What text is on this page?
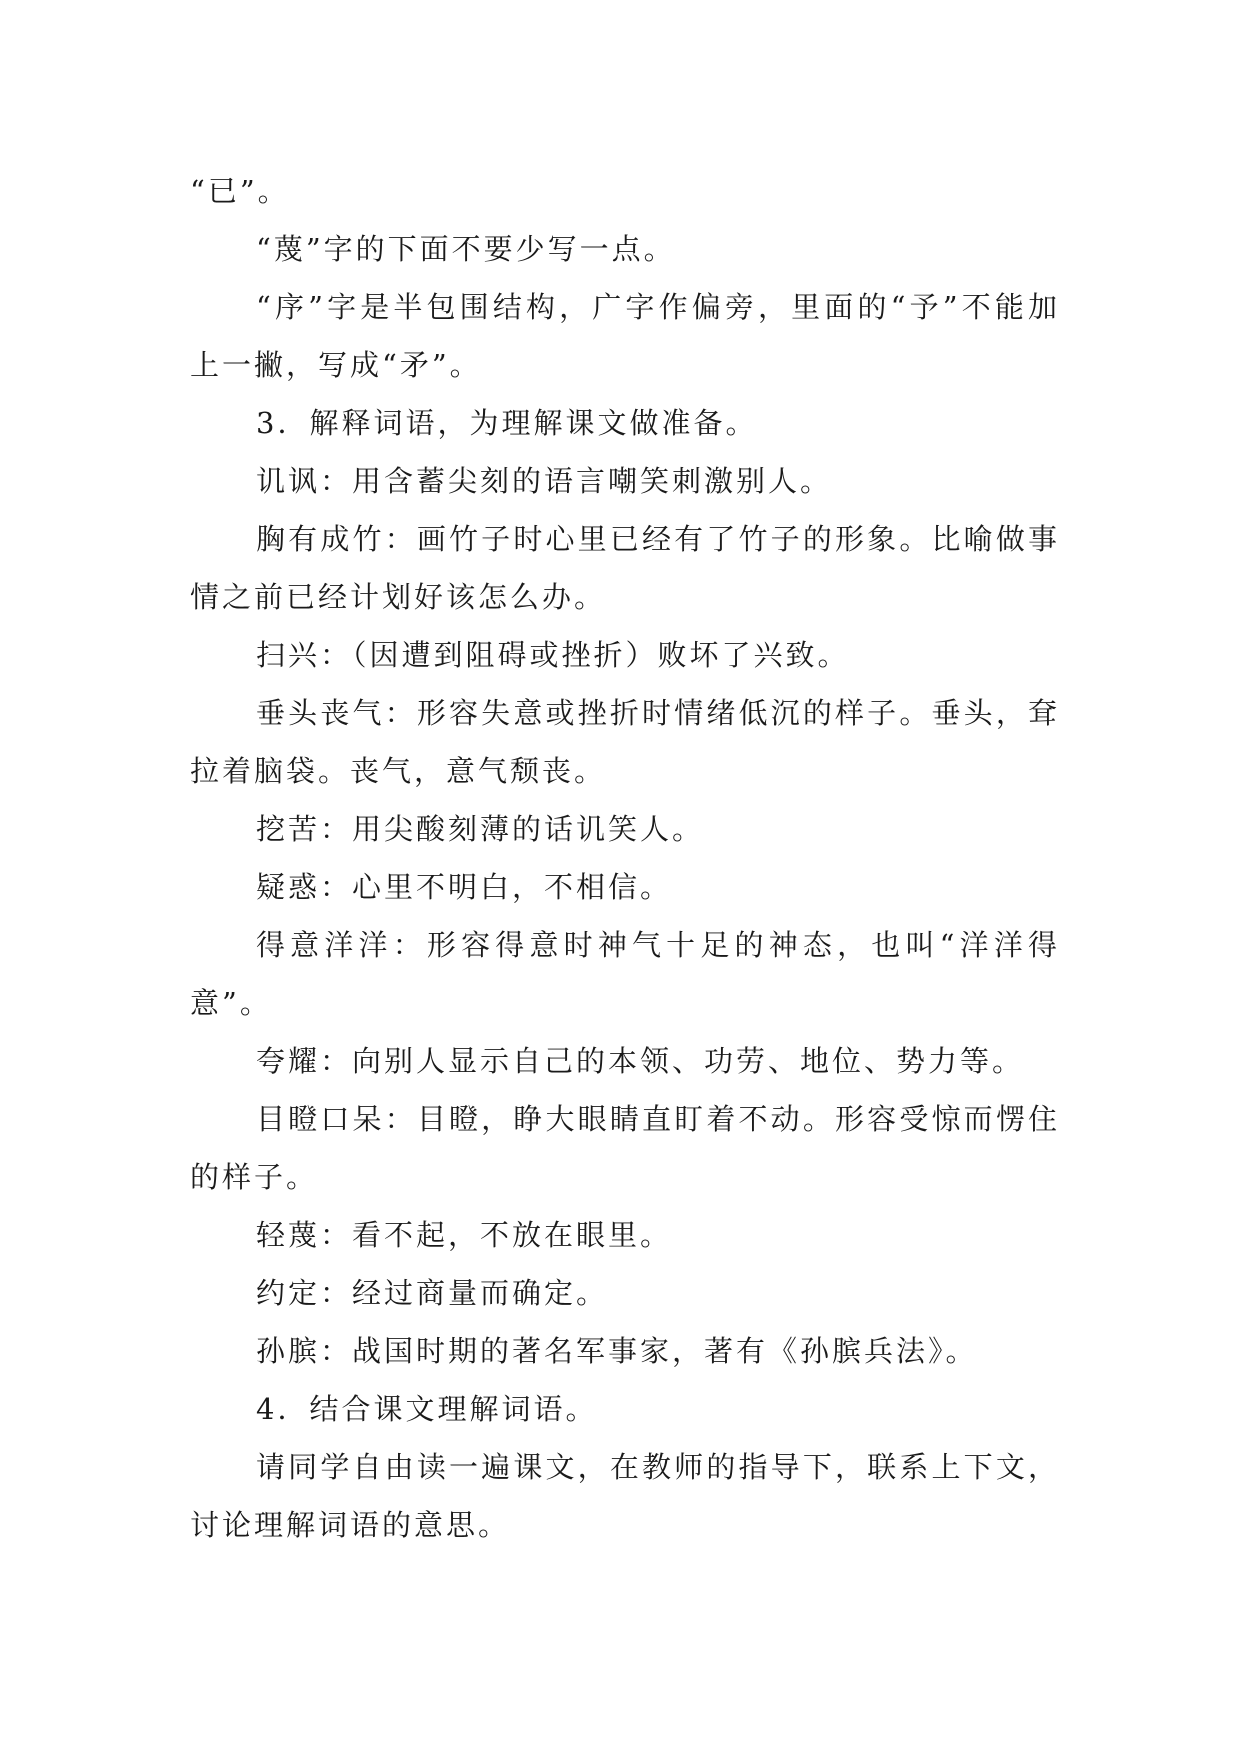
“已”。

“蔑”字的下面不要少写一点。

“序”字是半包围结构，广字作偏旁，里面的“予”不能加上一撇，写成“矛”。

3．解释词语，为理解课文做准备。

讥讽：用含蓄尖刻的语言嘲笑刺激别人。

胸有成竹：画竹子时心里已经有了竹子的形象。比喻做事情之前已经计划好该怎么办。

扫兴：（因遭到阻碍或挫折）败坏了兴致。

垂头丧气：形容失意或挫折时情绪低沉的样子。垂头，耷拉着脑袋。丧气，意气颓丧。

挖苦：用尖酸刻薄的话讥笑人。

疑惑：心里不明白，不相信。

得意洋洋：形容得意时神气十足的神态，也叫“洋洋得意”。

夸耀：向别人显示自己的本领、功劳、地位、势力等。

目瞪口呆：目瞪，睁大眼睛直盯着不动。形容受惊而愣住的样子。

轻蔑：看不起，不放在眼里。

约定：经过商量而确定。

孙膑：战国时期的著名军事家，著有《孙膑兵法》。

4．结合课文理解词语。

请同学自由读一遍课文，在教师的指导下，联系上下文，讨论理解词语的意思。
